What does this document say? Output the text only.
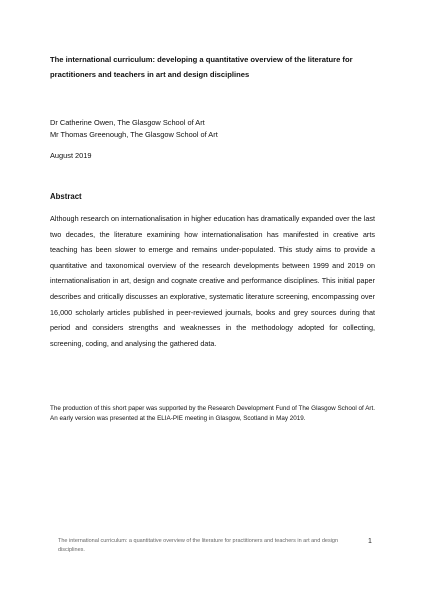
The international curriculum: developing a quantitative overview of the literature for practitioners and teachers in art and design disciplines
Dr Catherine Owen, The Glasgow School of Art
Mr Thomas Greenough, The Glasgow School of Art
August 2019
Abstract
Although research on internationalisation in higher education has dramatically expanded over the last two decades, the literature examining how internationalisation has manifested in creative arts teaching has been slower to emerge and remains under-populated. This study aims to provide a quantitative and taxonomical overview of the research developments between 1999 and 2019 on internationalisation in art, design and cognate creative and performance disciplines. This initial paper describes and critically discusses an explorative, systematic literature screening, encompassing over 16,000 scholarly articles published in peer-reviewed journals, books and grey sources during that period and considers strengths and weaknesses in the methodology adopted for collecting, screening, coding, and analysing the gathered data.
The production of this short paper was supported by the Research Development Fund of The Glasgow School of Art. An early version was presented at the ELIA-PIE meeting in Glasgow, Scotland in May 2019.
The international curriculum: a quantitative overview of the literature for practitioners and teachers in art and design disciplines.
1
